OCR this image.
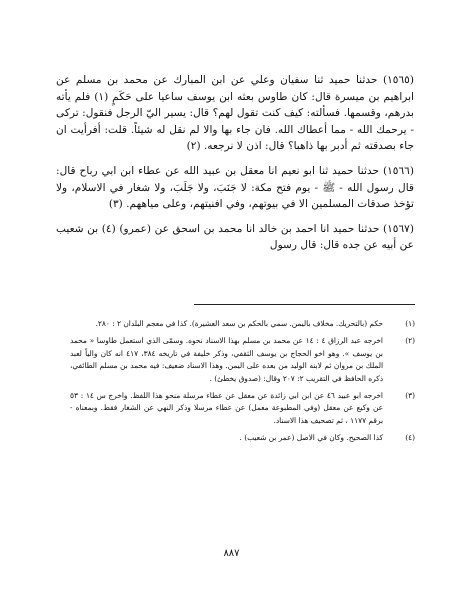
(١٥٦٥) حدثنا حميد ثنا سفيان وعلي عن ابن المبارك عن محمد بن مسلم عن ابراهيم بن ميسرة قال: كان طاوس بعثه ابن يوسف ساعيا على حَكَمٍ (١) فلم يأته بدرهم، وقسمها. فسألته: كيف كنت تقول لهم؟ قال: يسير اليّ الرجل فنقول: تركى - يرحمك الله - مما أعطاك الله. فان جاء بها والا لم نقل له شيئاً. قلت: أفرأيت ان جاء بصدقته ثم أدبر بها ذاهبا؟ قال: اذن لا نرجعه. (٢)

(١٥٦٦) حدثنا حميد ثنا ابو نعيم انا معقل بن عبيد الله عن عطاء ابن ابي رباح قال: قال رسول الله - ﷺ - يوم فتح مكة: لا جَنَبَ، ولا جَلَبَ، ولا شغار في الاسلام، ولا تؤخذ صدقات المسلمين الا في بيوتهم، وفي افنيتهم، وعلى مياههم. (٣)

(١٥٦٧) حدثنا حميد انا احمد بن خالد انا محمد بن اسحق عن (عمرو) (٤) بن شعيب عن أبيه عن جده قال: قال رسول

(١)
حكم (بالتحريك. مخلاف باليمن. سمي بالحكم بن سعد العشيرة). كذا في معجم البلدان ٢ : ٢٨٠.
(٢)
اخرجه عبد الرزاق ٤ : ١٤ عن محمد بن مسلم بهذا الاسناد نحوه. وسمّى الذي استعمل طاوسا « محمد بن يوسف ». وهو اخو الحجاج بن يوسف الثقفي، وذكر خليفة في تاريخه ٣٨٤، ٤١٧ انه كان والياً لعبد الملك بن مروان ثم لابنه الوليد من بعده على اليمن. وهذا الاسناد ضعيف: فيه محمد بن مسلم الطائفي، ذكره الحافظ في التقريب ٢: ٢٠٧ وقال: (صدوق يخطئ) .
(٣)
اخرجه ابو عبيد ٤٦ عن ابن ابي زائدة عن معقل عن عطاء مرسلة منحو هذا اللفظ. واخرج س ١٤ : ٥٣ عن وكيع عن معقل (وفي المطبوعة معمل) عن عطاء مرسلا وذكر النهي عن الشغار فقط. وبمعناه - برقم ١١٧٧ ، ثم تصحيف هذا الاسناد.
(٤)
كذا الصحيح. وكان في الاصل (عمر بن شعيب) .
٨٨٧
